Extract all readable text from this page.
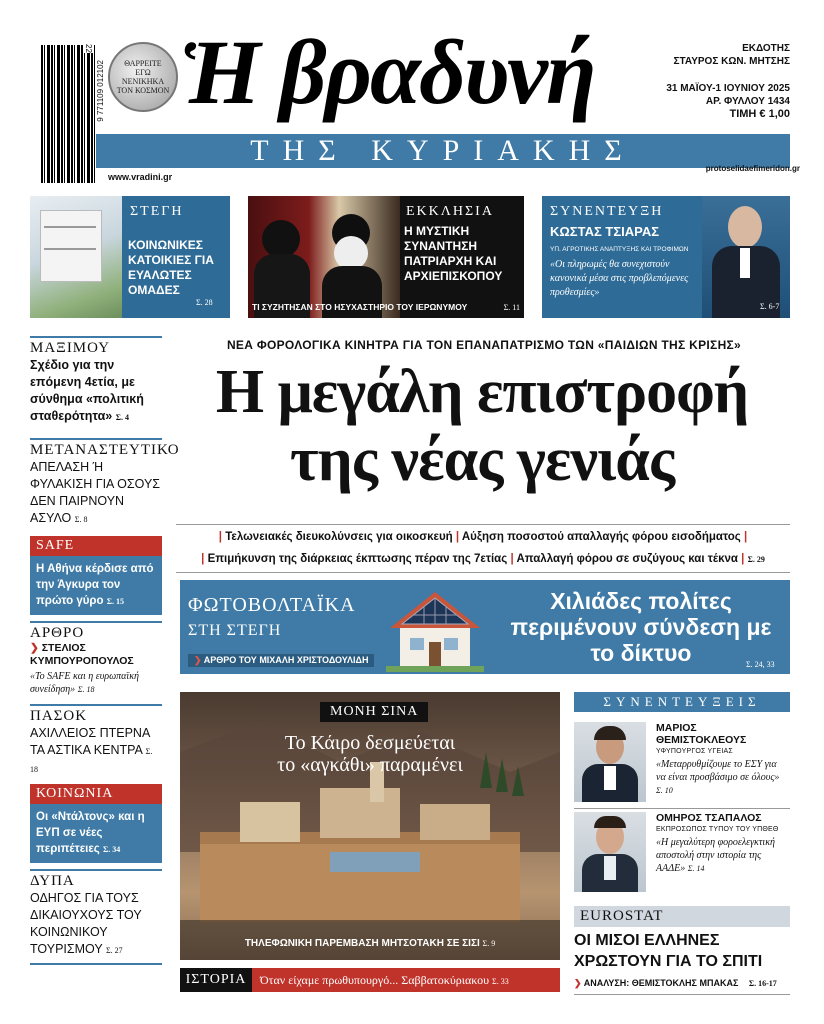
22
9 771109 012102	ΘΑΡΡΕΙΤΕ ΕΓΩ ΝΕΝΙΚΗΚΑ ΤΟΝ ΚΟΣΜΟΝ Ἡ βραδυνή
ΤΗΣ ΚΥΡΙΑΚΗΣ
ΕΚΔΟΤΗΣ
ΣΤΑΥΡΟΣ ΚΩΝ. ΜΗΤΣΗΣ
31 ΜΑΪΟΥ-1 ΙΟΥΝΙΟΥ 2025
ΑΡ. ΦΥΛΛΟΥ 1434
ΤΙΜΗ € 1,00
www.vradini.gr
protoselidaefimeridon.gr
ΣΤΕΓΗ
ΚΟΙΝΩΝΙΚΕΣ ΚΑΤΟΙΚΙΕΣ ΓΙΑ ΕΥΑΛΩΤΕΣ ΟΜΑΔΕΣ
Σ. 28
ΕΚΚΛΗΣΙΑ
Η ΜΥΣΤΙΚΗ ΣΥΝΑΝΤΗΣΗ ΠΑΤΡΙΑΡΧΗ ΚΑΙ ΑΡΧΙΕΠΙΣΚΟΠΟΥ
ΤΙ ΣΥΖΗΤΗΣΑΝ ΣΤΟ ΗΣΥΧΑΣΤΗΡΙΟ ΤΟΥ ΙΕΡΩΝΥΜΟΥ	Σ. 11
ΣΥΝΕΝΤΕΥΞΗ
ΚΩΣΤΑΣ ΤΣΙΑΡΑΣ
ΥΠ. ΑΓΡΟΤΙΚΗΣ ΑΝΑΠΤΥΞΗΣ ΚΑΙ ΤΡΟΦΙΜΩΝ
«Οι πληρωμές θα συνεχιστούν κανονικά μέσα στις προβλεπόμενες προθεσμίες»
Σ. 6-7
ΜΑΞΙΜΟΥ
Σχέδιο για την επόμενη 4ετία, με σύνθημα «πολιτική σταθερότητα» Σ. 4
ΜΕΤΑΝΑΣΤΕΥΤΙΚΟ
ΑΠΕΛΑΣΗ Ή ΦΥΛΑΚΙΣΗ ΓΙΑ ΟΣΟΥΣ ΔΕΝ ΠΑΙΡΝΟΥΝ ΑΣΥΛΟ Σ. 8
SAFE
Η Αθήνα κέρδισε από την Άγκυρα τον πρώτο γύρο Σ. 15
ΑΡΘΡΟ
❯ ΣΤΕΛΙΟΣ ΚΥΜΠΟΥΡΟΠΟΥΛΟΣ
«Το SAFE και η ευρωπαϊκή συνείδηση» Σ. 18
ΠΑΣΟΚ
ΑΧΙΛΛΕΙΟΣ ΠΤΕΡΝΑ ΤΑ ΑΣΤΙΚΑ ΚΕΝΤΡΑ Σ. 18
ΚΟΙΝΩΝΙΑ
Οι «Ντάλτονς» και η ΕΥΠ σε νέες περιπέτειες Σ. 34
ΔΥΠΑ
ΟΔΗΓΟΣ ΓΙΑ ΤΟΥΣ ΔΙΚΑΙΟΥΧΟΥΣ ΤΟΥ ΚΟΙΝΩΝΙΚΟΥ ΤΟΥΡΙΣΜΟΥ Σ. 27
ΝΕΑ ΦΟΡΟΛΟΓΙΚΑ ΚΙΝΗΤΡΑ ΓΙΑ ΤΟΝ ΕΠΑΝΑΠΑΤΡΙΣΜΟ ΤΩΝ «ΠΑΙΔΙΩΝ ΤΗΣ ΚΡΙΣΗΣ»
Η μεγάλη επιστροφή
της νέας γενιάς
| Τελωνειακές διευκολύνσεις για οικοσκευή | Αύξηση ποσοστού απαλλαγής φόρου εισοδήματος |
| Επιμήκυνση της διάρκειας έκπτωσης πέραν της 7ετίας | Απαλλαγή φόρου σε συζύγους και τέκνα | Σ. 29
ΦΩΤΟΒΟΛΤΑΪΚΑ
ΣΤΗ ΣΤΕΓΗ
❯ ΑΡΘΡΟ ΤΟΥ ΜΙΧΑΛΗ ΧΡΙΣΤΟΔΟΥΛΙΔΗ
Χιλιάδες πολίτες περιμένουν σύνδεση με το δίκτυο	Σ. 24, 33
ΜΟΝΗ ΣΙΝΑ
Το Κάιρο δεσμεύεται
το «αγκάθι» παραμένει
ΤΗΛΕΦΩΝΙΚΗ ΠΑΡΕΜΒΑΣΗ ΜΗΤΣΟΤΑΚΗ ΣΕ ΣΙΣΙ Σ. 9
ΙΣΤΟΡΙΑ	Όταν είχαμε πρωθυπουργό... Σαββατοκύριακου Σ. 33
ΣΥΝΕΝΤΕΥΞΕΙΣ
ΜΑΡΙΟΣ
ΘΕΜΙΣΤΟΚΛΕΟΥΣ
ΥΦΥΠΟΥΡΓΟΣ ΥΓΕΙΑΣ
«Μεταρρυθμίζουμε το ΕΣΥ για να είναι προσβάσιμο σε όλους» Σ. 10
ΟΜΗΡΟΣ ΤΣΑΠΑΛΟΣ
ΕΚΠΡΟΣΩΠΟΣ ΤΥΠΟΥ ΤΟΥ ΥΠΘΕΘ
«Η μεγαλύτερη φοροελεγκτική αποστολή στην ιστορία της ΑΑΔΕ» Σ. 14
EUROSTAT
ΟΙ ΜΙΣΟΙ ΕΛΛΗΝΕΣ ΧΡΩΣΤΟΥΝ ΓΙΑ ΤΟ ΣΠΙΤΙ
❯ ΑΝΑΛΥΣΗ: ΘΕΜΙΣΤΟΚΛΗΣ ΜΠΑΚΑΣ Σ. 16-17
